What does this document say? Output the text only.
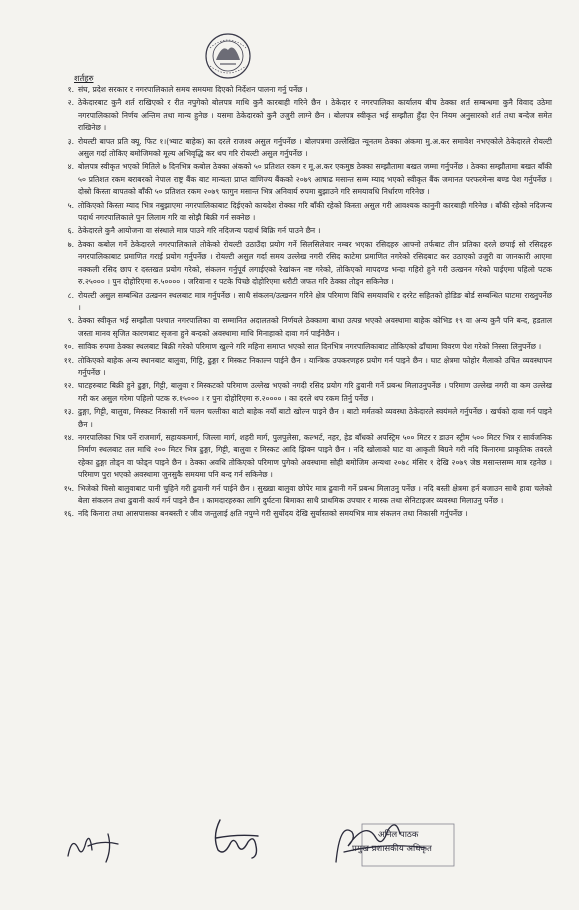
शर्तहरु
१. संघ, प्रदेश सरकार र नगरपालिकाले समय समयमा दिएको निर्देशन पालना गर्नु पर्नेछ ।
२. ठेकेदारबाट कुनै शर्त राखिएको र रीत नपुगेको बोलपत्र माथि कुनै कारबाही गरिने छैन । ठेकेदार र नगरपालिका कार्यालय बीच ठेक्का शर्त सम्बन्धमा कुनै विवाद उठेमा नगरपालिकाको निर्णय अन्तिम तथा मान्य हुनेछ । यसमा ठेकेदारको कुनै उजुरी लाग्ने छैन । बोलपत्र स्वीकृत भई सम्झौता हुँदा ऐन नियम अनुसारको शर्त तथा बन्देज समेत राखिनेछ ।
३. रोयल्टी बापत प्रति क्यू. फिट १।(भ्याट बाहेक) का दरले राजश्व असुल गर्नुपर्नेछ । बोलपत्रमा उल्लेखित न्यूनतम ठेक्का अंकमा मु.अ.कर समावेश नभएकोले ठेकेदारले रोयल्टी असुल गर्दा तोकिए बमोजिमको मूल्य अभिवृद्धि कर थप गरि रोयल्टी असुल गर्नुपर्नेछ ।
४. बोलपत्र स्वीकृत भएको मितिले ७ दिनभित्र कबोल ठेक्का अंकको ५० प्रतिशत रकम र मू.अ.कर एकमुष्ठ ठेक्का सम्झौतामा बखत जम्मा गर्नुपर्नेछ । ठेक्का सम्झौतामा बखत बाँकी ५० प्रतिशत रकम बराबरको नेपाल राष्ट्र बैंक बाट मान्यता प्राप्त वाणिज्य बैंकको २०७९ आषाढ मसान्त सम्म म्याद भएको स्वीकृत बैंक जमानत परफरमेन्स बण्ड पेश गर्नुपर्नेछ । दोस्रो किस्ता बापतको बाँकी ५० प्रतिशत रकम २०७९ फागुन मसान्त भित्र अनिवार्य रुपमा बुझाउने गरि समयावधि निर्धारण गरिनेछ ।
५. तोकिएको किस्ता म्याद भित्र नबुझाएमा नगरपालिकाबाट दिईएको कायदेश रोक्का गरि बाँकी रहेको किस्ता असुल गरी आवश्यक कानुनी कारबाही गरिनेछ । बाँकी रहेको नदिजन्य पदार्थ नगरपालिकाले पुन लिलाम गरि वा सोझै बिक्री गर्न सक्नेछ ।
६. ठेकेदारले कुनै आयोजना वा संस्थाले मात्र पाउने गरि नदिजन्य पदार्थ बिक्रि गर्न पाउने छैन ।
७. ठेक्का कबोल गर्ने ठेकेदारले नगरपालिकाले तोकेको रोयल्टी उठाउँदा प्रयोग गर्ने सिलसिलेवार नम्बर भएका रसिदहरु आफ्नो तर्फबाट तीन प्रतिका दरले छपाई सो रसिदहरु नगरपालिकाबाट प्रमाणित गराई प्रयोग गर्नुपर्नेछ । रोयल्टी असुल गर्दा समय उल्लेख नगरी रसिद काटेमा प्रमाणित नगरेको रसिदबाट कर उठाएको उजुरी वा जानकारी आएमा नक्कली रसिद छाप र दस्तखत प्रयोग गरेको, संकलन गर्नुपूर्व लगाईएको रेखांकन नष्ट गरेको, तोकिएको मापदण्ड भन्दा गहिरो हुने गरी उत्खनन गरेको पाईएमा पहिलो पटक रु.२५००० । पुन दोहोरिएमा रु.५०००० । जरिवाना र पटके पिच्छे दोहोरिएमा धरौटी जफत गरि ठेक्का तोड्न सकिनेछ ।
८. रोयल्टी असुल सम्बन्धित उत्खनन स्थलबाट मात्र गर्नुपर्नेछ । साथै संकलन/उत्खनन गरिने क्षेत्र परिमाण विधि समयावधि र दररेट सहितको होडिङ बोर्ड सम्बन्धित घाटमा राख्नुपर्नेछ ।
९. ठेक्का स्वीकृत भई सम्झौता पश्चात नगरपालिका वा सम्मानित अदालतको निर्णयले ठेक्कामा बाधा उत्पन्न भएको अवस्थामा बाहेक कोभिड १९ वा अन्य कुनै पनि बन्द, हडताल जस्ता मानव सृजित कारणबाट सृजना हुने बन्दको अवस्थामा माथि मिनाहाको दावा गर्न पाईनेछैन ।
१०. साविक रुपमा ठेक्का स्थलबाट बिक्री गरेको परिमाण खुल्ने गरि महिना समाप्त भएको सात दिनभित्र नगरपालिकाबाट तोकिएको ढाँचामा विवरण पेश गरेको निस्सा लिनुपर्नेछ ।
११. तोकिएको बाहेक अन्य स्थानबाट बालुवा, गिट्टि, ढुङ्गा र मिस्कट निकाल्न पाईने छैन । यान्त्रिक उपकरणहरु प्रयोग गर्न पाइने छैन । घाट क्षेत्रमा फोहोर मैलाको उचित व्यवस्थापन गर्नुपर्नेछ ।
१२. घाटहरुबाट बिक्री हुने ढुङ्गा, गिट्टी, बालुवा र मिस्कटको परिमाण उल्लेख भएको नगदी रसिद प्रयोग गरि ढुवानी गर्ने प्रबन्ध मिलाउनुपर्नेछ । परिमाण उल्लेख नगरी वा कम उल्लेख गरी कर असुल गरेमा पहिलो पटक रु.१५००० । र पुनः दोहोरिएमा रु.२०००० । का दरले थप रकम तिर्नु पर्नेछ ।
१३. ढुङ्गा, गिट्टी, बालुवा, मिस्कट निकासी गर्ने चलन चल्तीका बाटो बाहेक नयाँ बाटो खोल्न पाइने छैन । बाटो मर्मतको व्यवस्था ठेकेदारले स्वयंमले गर्नुपर्नेछ । खर्चको दावा गर्न पाइने छैन ।
१४. नगरपालिका भित्र पर्ने राजमार्ग, सहायकमार्ग, जिल्ला मार्ग, शहरी मार्ग, पुलपुलेसा, कल्भर्ट, नहर, हेड बाँधको अपस्ट्रिम ५०० मिटर र डाउन स्ट्रीम ५०० मिटर भित्र र सार्वजनिक निर्माण स्थलबाट तल माथि २०० मिटर भित्र ढुङ्गा, गिट्टी, बालुवा र मिस्कट आदि झिक्न पाइने छैन । नदि खोलाको घाट वा आकृती बिग्रने गरी नदि किनारमा प्राकृतिक तवरले रहेका ढुङ्गा तोड्न वा फोड्न पाइने छैन । ठेक्का अवधि तोकिएको परिमाण पुगेको अवस्थामा सोही बमोजिम अन्यथा २०७८ मंसिर १ देखि २०७९ जेष्ठ मसान्तसम्म मात्र रहनेछ । परिमाण पुरा भएको अवस्थामा जुनसुकै समयमा पनि बन्द गर्न सकिनेछ ।
१५. भिजेको चिसो बालुवाबाट पानी चुहिने गरी ढुवानी गर्न पाईने छैन । सुख्खा बालुवा छोपेर मात्र ढुवानी गर्ने प्रबन्ध मिलाउनु पर्नेछ । नदि बस्ती क्षेत्रमा हर्न बजाउन साथै हावा चलेको बेला संकलन तथा ढुवानी कार्य गर्न पाइने छैन । कामदारहरुका लागि दुर्घटना बिमाका साथै प्राथमिक उपचार र मास्क तथा सेनिटाइजर व्यवस्था मिलाउनु पर्नेछ ।
१६. नदि किनारा तथा आसपासका बनबस्ती र जीव जन्तुलाई क्षति नपुग्ने गरी सुर्योदय देखि सुर्यास्तको समयभित्र मात्र संकलन तथा निकासी गर्नुपर्नेछ ।
अनिल पाठक
प्रमुख प्रशासकीय अधिकृत
